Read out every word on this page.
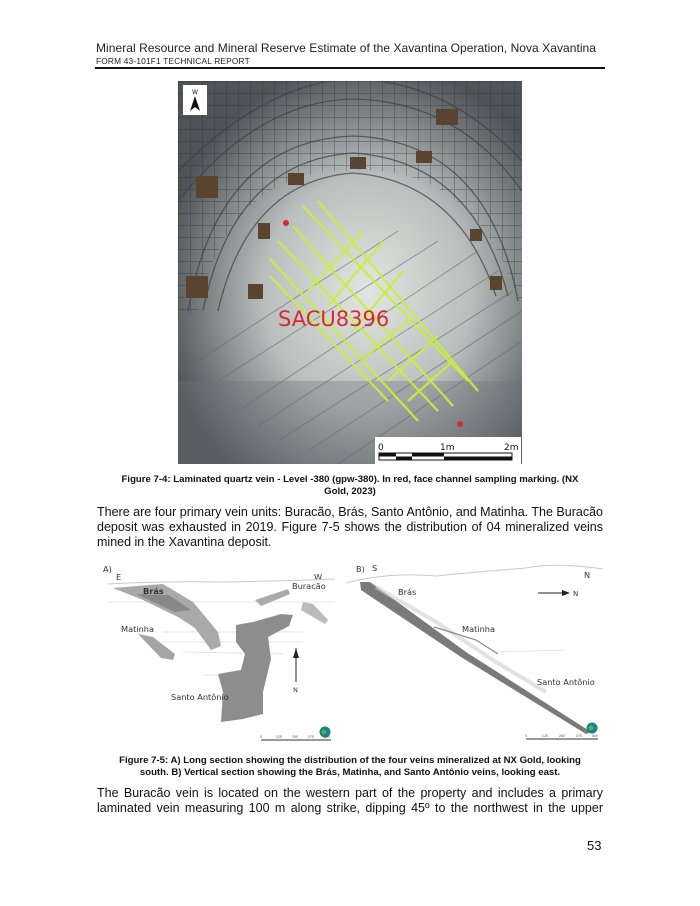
Mineral Resource and Mineral Reserve Estimate of the Xavantina Operation, Nova Xavantina
FORM 43-101F1 TECHNICAL REPORT
SACU8396
W
0	1m	2m
Figure 7-4: Laminated quartz vein - Level -380 (gpw-380). In red, face channel sampling marking. (NX
Gold, 2023)
There are four primary vein units: Buracão, Brás, Santo Antônio, and Matinha. The Buracão
deposit was exhausted in 2019. Figure 7-5 shows the distribution of 04 mineralized veins
mined in the Xavantina deposit.
A)
E	W
Brás	Buracão
Matinha
Santo Antônio
N
0	125	250	375	500
B) S
N
Brás
Matinha
Santo Antônio
N
0	125	250	375	500
Figure 7-5: A) Long section showing the distribution of the four veins mineralized at NX Gold, looking
south. B) Vertical section showing the Brás, Matinha, and Santo Antônio veins, looking east.
The Buracão vein is located on the western part of the property and includes a primary
laminated vein measuring 100 m along strike, dipping 45º to the northwest in the upper
53
